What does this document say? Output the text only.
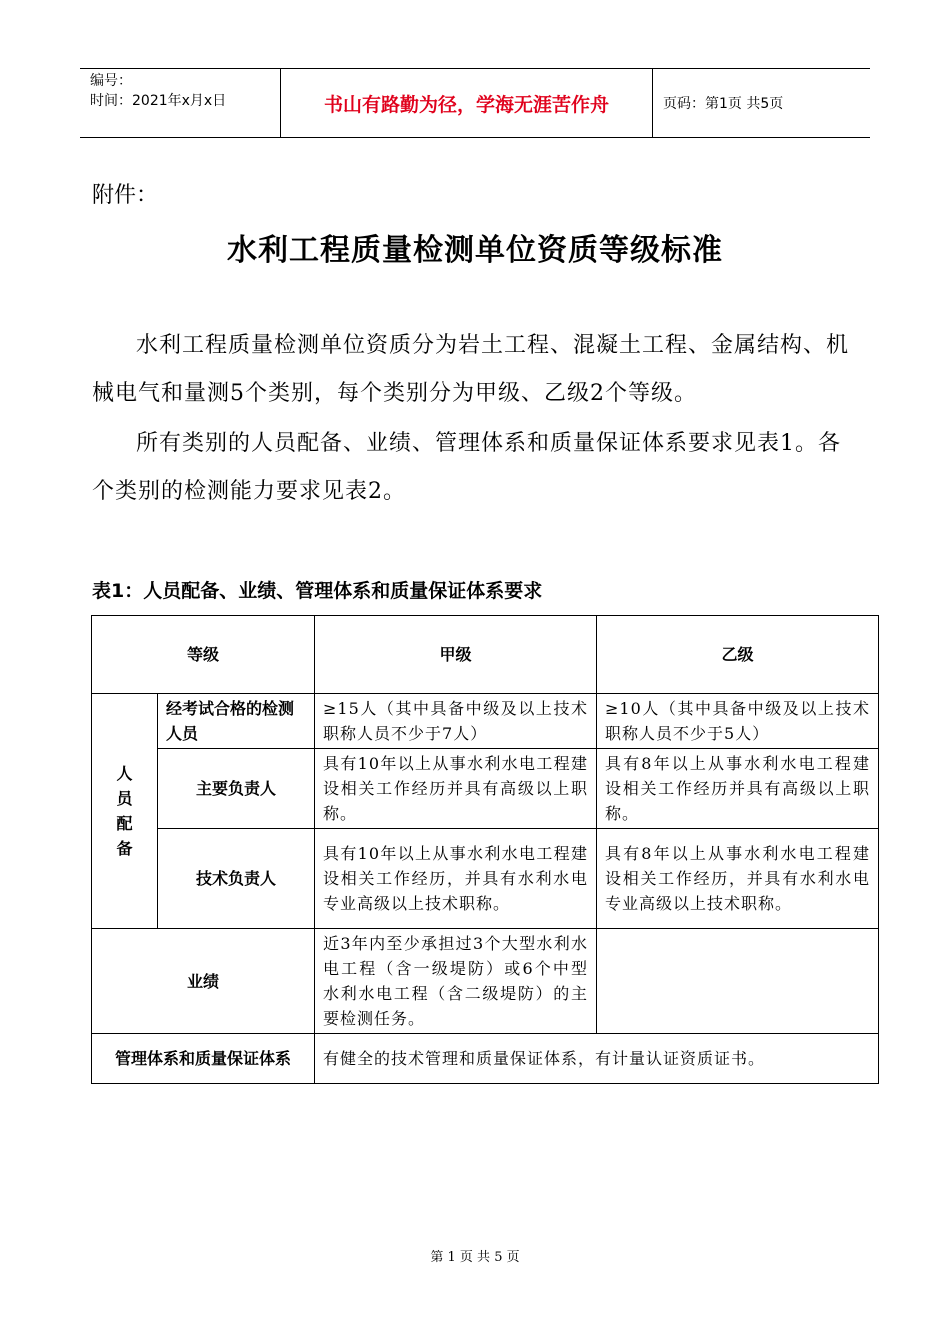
编号：
时间：2021年x月x日	书山有路勤为径，学海无涯苦作舟	页码：第1页 共5页
附件：
水利工程质量检测单位资质等级标准
水利工程质量检测单位资质分为岩土工程、混凝土工程、金属结构、机械电气和量测5个类别，每个类别分为甲级、乙级2个等级。
所有类别的人员配备、业绩、管理体系和质量保证体系要求见表1。各个类别的检测能力要求见表2。
表1：人员配备、业绩、管理体系和质量保证体系要求
等级		甲级	乙级

人员配备	经考试合格的检测人员	≥15人（其中具备中级及以上技术职称人员不少于7人）	≥10人（其中具备中级及以上技术职称人员不少于5人）
	主要负责人	具有10年以上从事水利水电工程建设相关工作经历并具有高级以上职称。	具有8年以上从事水利水电工程建设相关工作经历并具有高级以上职称。
	技术负责人	具有10年以上从事水利水电工程建设相关工作经历，并具有水利水电专业高级以上技术职称。	具有8年以上从事水利水电工程建设相关工作经历，并具有水利水电专业高级以上技术职称。
业绩		近3年内至少承担过3个大型水利水电工程（含一级堤防）或6个中型水利水电工程（含二级堤防）的主要检测任务。	
管理体系和质量保证体系		有健全的技术管理和质量保证体系，有计量认证资质证书。	
第 1 页 共 5 页
